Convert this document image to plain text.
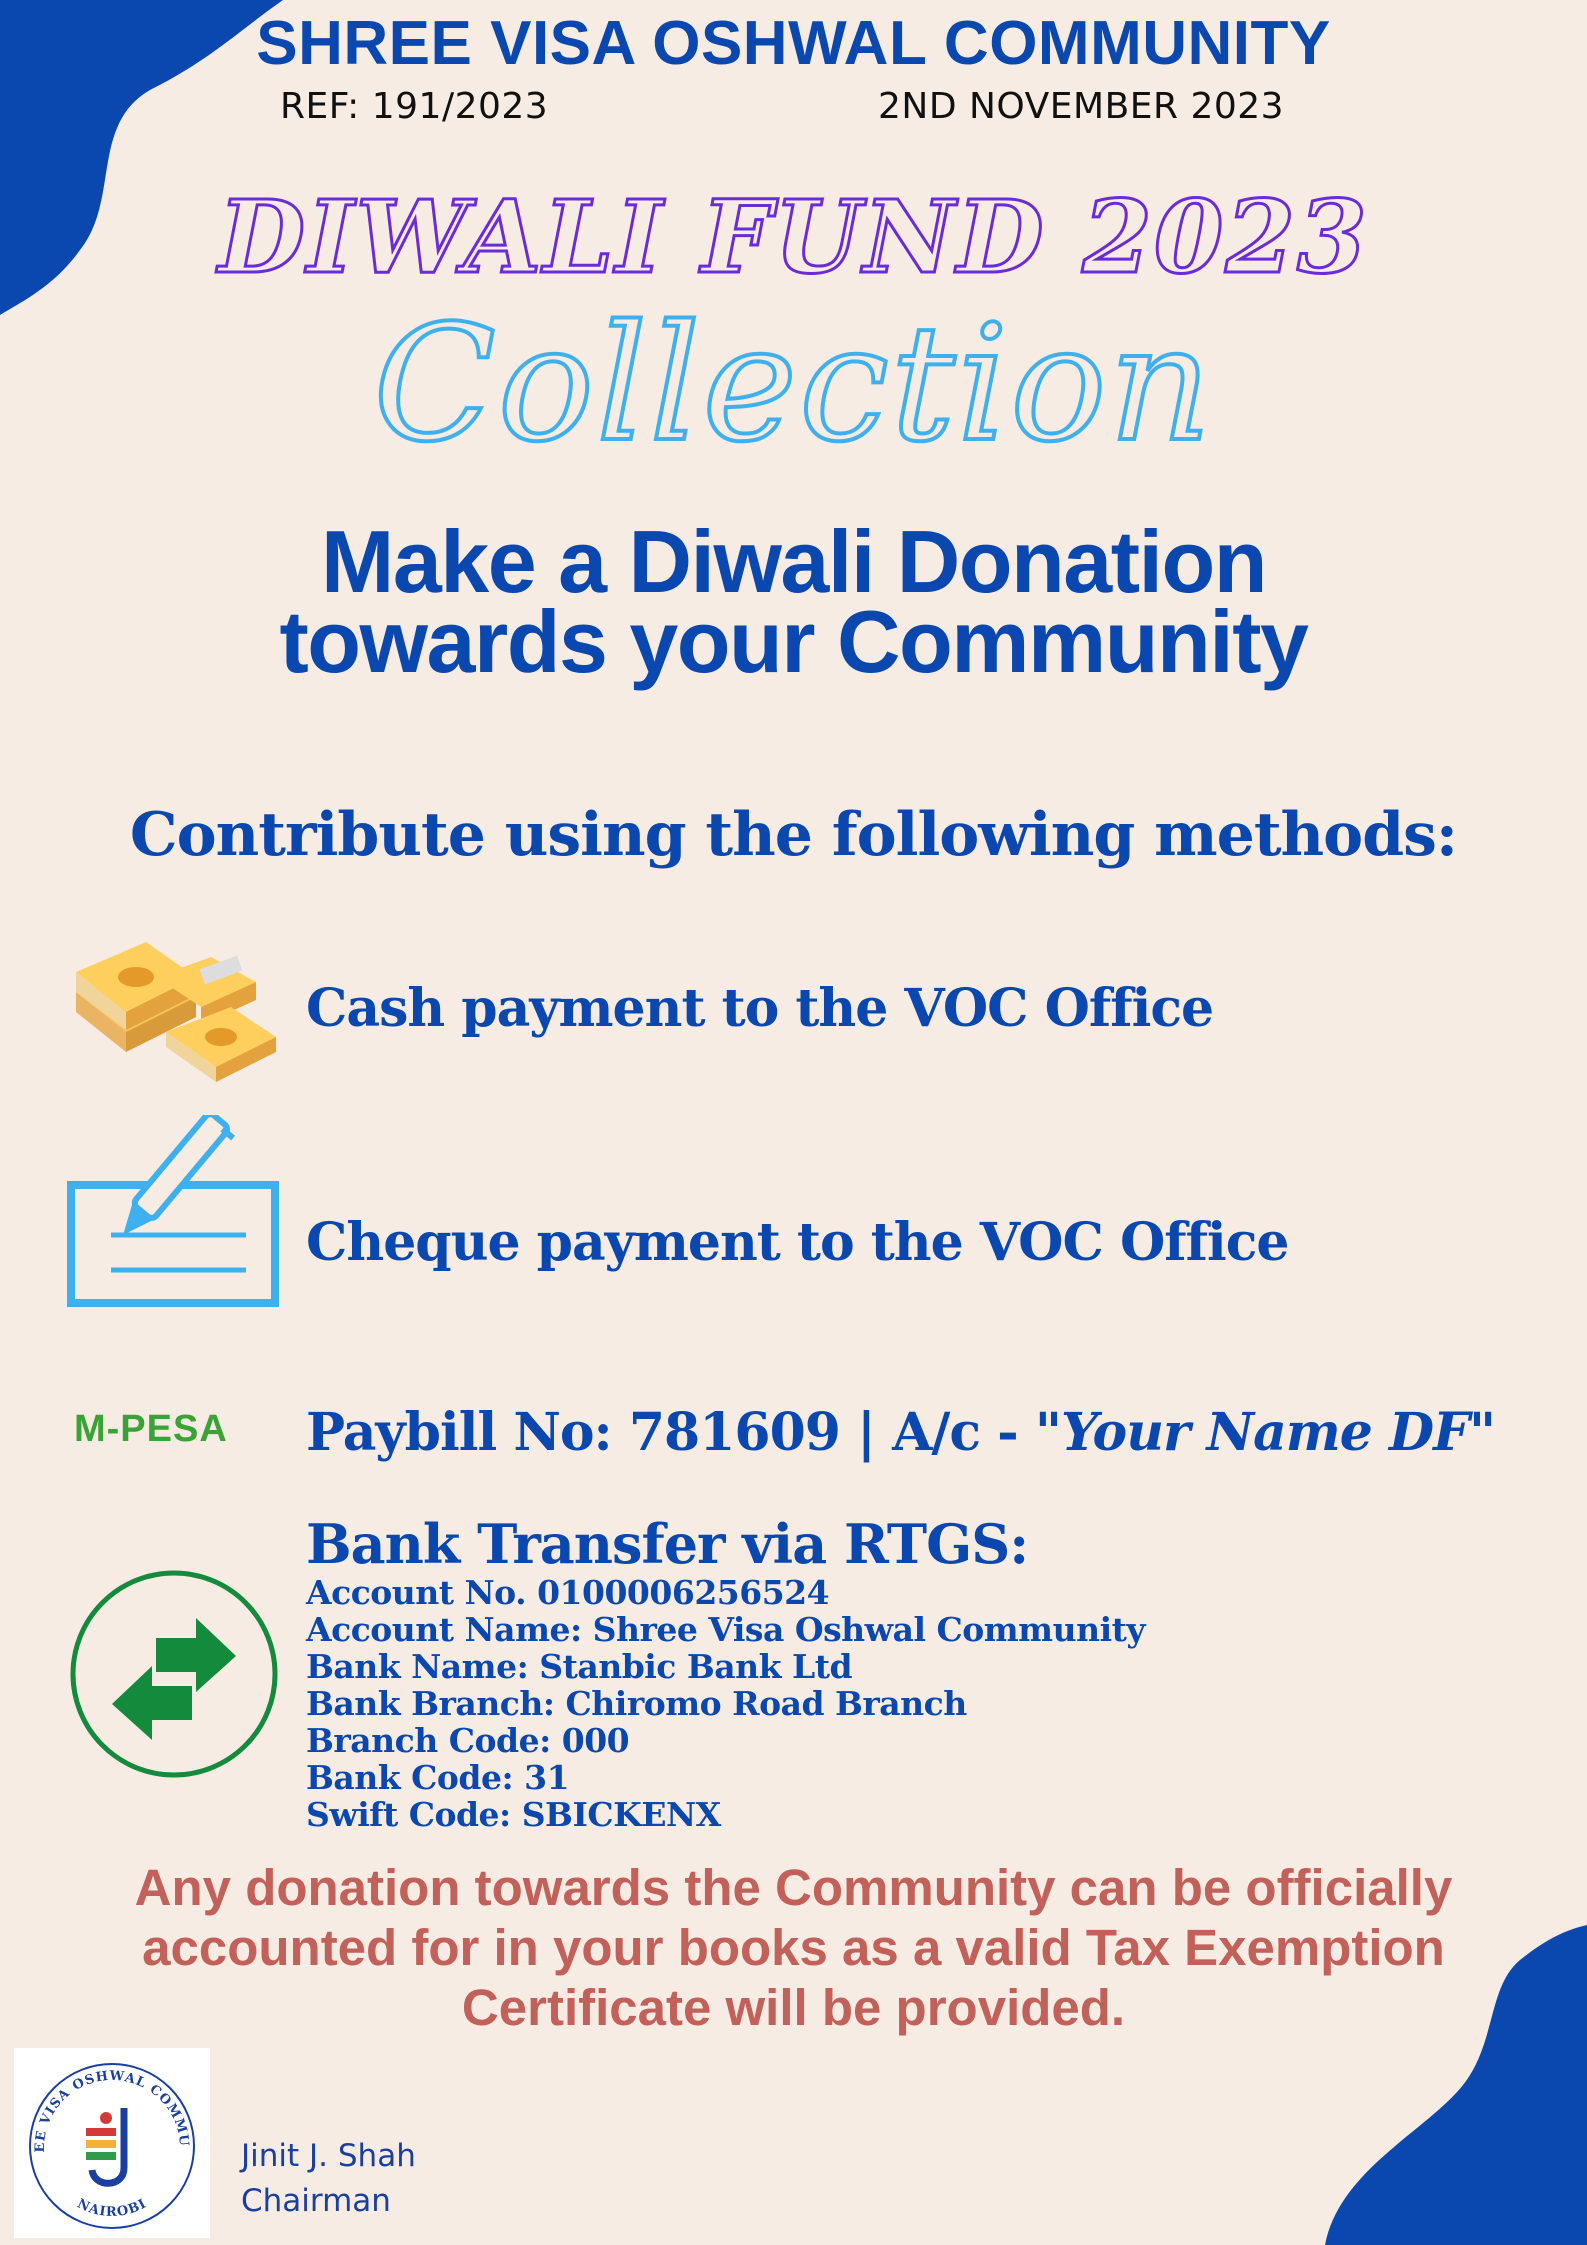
SHREE VISA OSHWAL COMMUNITY
REF: 191/2023	2ND NOVEMBER 2023
DIWALI FUND 2023
Collection
Make a Diwali Donation
towards your Community
Contribute using the following methods:
Cash payment to the VOC Office
Cheque payment to the VOC Office
M-PESA Paybill No: 781609 | A/c - "Your Name DF"
Bank Transfer via RTGS:
Account No. 0100006256524
Account Name: Shree Visa Oshwal Community
Bank Name: Stanbic Bank Ltd
Bank Branch: Chiromo Road Branch
Branch Code: 000
Bank Code: 31
Swift Code: SBICKENX
Any donation towards the Community can be officially accounted for in your books as a valid Tax Exemption Certificate will be provided.
EE VISA OSHWAL COMMU
NAIROBI
Jinit J. Shah
Chairman
